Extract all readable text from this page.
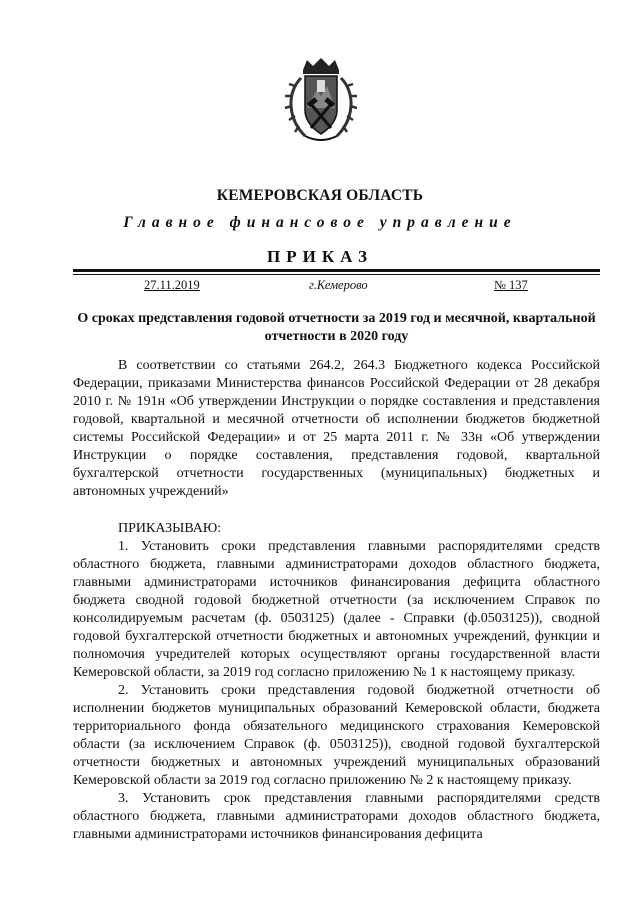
КЕМЕРОВСКАЯ ОБЛАСТЬ
Главное финансовое управление
ПРИКАЗ
27.11.2019	г.Кемерово	№ 137
О сроках представления годовой отчетности за 2019 год и месячной, квартальной отчетности в 2020 году

В соответствии со статьями 264.2, 264.3 Бюджетного кодекса Российской Федерации, приказами Министерства финансов Российской Федерации от 28 декабря 2010 г. № 191н «Об утверждении Инструкции о порядке составления и представления годовой, квартальной и месячной отчетности об исполнении бюджетов бюджетной системы Российской Федерации» и от 25 марта 2011 г. № 33н «Об утверждении Инструкции о порядке составления, представления годовой, квартальной бухгалтерской отчетности государственных (муниципальных) бюджетных и автономных учреждений»

ПРИКАЗЫВАЮ:

1. Установить сроки представления главными распорядителями средств областного бюджета, главными администраторами доходов областного бюджета, главными администраторами источников финансирования дефицита областного бюджета сводной годовой бюджетной отчетности (за исключением Справок по консолидируемым расчетам (ф. 0503125) (далее - Справки (ф.0503125)), сводной годовой бухгалтерской отчетности бюджетных и автономных учреждений, функции и полномочия учредителей которых осуществляют органы государственной власти Кемеровской области, за 2019 год согласно приложению № 1 к настоящему приказу.

2. Установить сроки представления годовой бюджетной отчетности об исполнении бюджетов муниципальных образований Кемеровской области, бюджета территориального фонда обязательного медицинского страхования Кемеровской области (за исключением Справок (ф. 0503125)), сводной годовой бухгалтерской отчетности бюджетных и автономных учреждений муниципальных образований Кемеровской области за 2019 год согласно приложению № 2 к настоящему приказу.

3. Установить срок представления главными распорядителями средств областного бюджета, главными администраторами доходов областного бюджета, главными администраторами источников финансирования дефицита
